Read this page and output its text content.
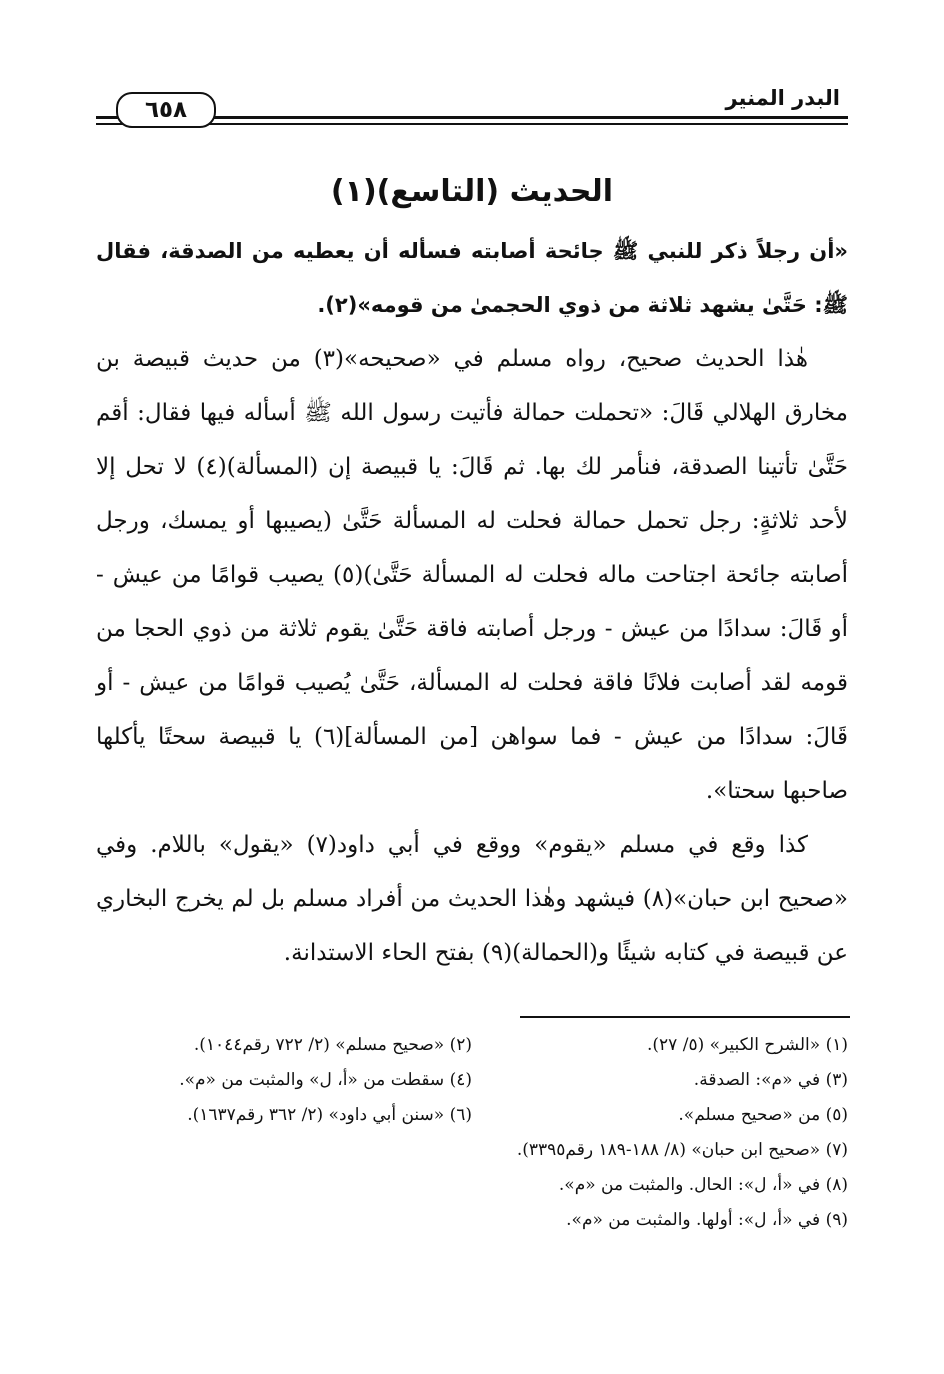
البدر المنير
٦٥٨
الحديث (التاسع)(١)

«أن رجلاً ذكر للنبي ﷺ جائحة أصابته فسأله أن يعطيه من الصدقة، فقال ﷺ: حَتَّىٰ يشهد ثلاثة من ذوي الحجمىٰ من قومه»(٢).

هٰذا الحديث صحيح، رواه مسلم في «صحيحه»(٣) من حديث قبيصة بن مخارق الهلالي قَالَ: «تحملت حمالة فأتيت رسول الله ﷺ أسأله فيها فقال: أقم حَتَّىٰ تأتينا الصدقة، فنأمر لك بها. ثم قَالَ: يا قبيصة إن (المسألة)(٤) لا تحل إلا لأحد ثلاثةٍ: رجل تحمل حمالة فحلت له المسألة حَتَّىٰ (يصيبها أو يمسك، ورجل أصابته جائحة اجتاحت ماله فحلت له المسألة حَتَّىٰ)(٥) يصيب قوامًا من عيش - أو قَالَ: سدادًا من عيش - ورجل أصابته فاقة حَتَّىٰ يقوم ثلاثة من ذوي الحجا من قومه لقد أصابت فلانًا فاقة فحلت له المسألة، حَتَّىٰ يُصيب قوامًا من عيش - أو قَالَ: سدادًا من عيش - فما سواهن [من المسألة](٦) يا قبيصة سحتًا يأكلها صاحبها سحتا».

كذا وقع في مسلم «يقوم» ووقع في أبي داود(٧) «يقول» باللام. وفي «صحيح ابن حبان»(٨) فيشهد وهٰذا الحديث من أفراد مسلم بل لم يخرج البخاري عن قبيصة في كتابه شيئًا و(الحمالة)(٩) بفتح الحاء الاستدانة.

(١) «الشرح الكبير» (٥/ ٢٧).
(٢) «صحيح مسلم» (٢/ ٧٢٢ رقم١٠٤٤).
(٣) في «م»: الصدقة.
(٤) سقطت من «أ، ل» والمثبت من «م».
(٥) من «صحيح مسلم».
(٦) «سنن أبي داود» (٢/ ٣٦٢ رقم١٦٣٧).
(٧) «صحيح ابن حبان» (٨/ ١٨٨-١٨٩ رقم٣٣٩٥).
(٨) في «أ، ل»: الحال. والمثبت من «م».
(٩) في «أ، ل»: أولها. والمثبت من «م».
